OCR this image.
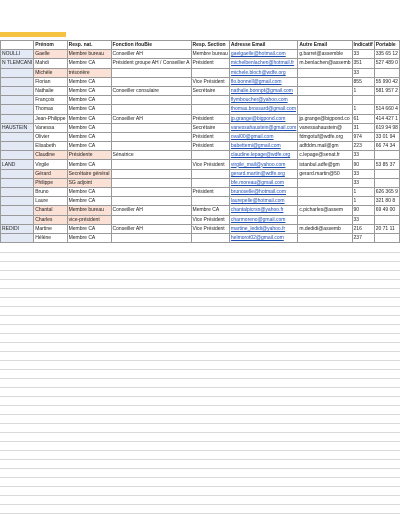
	Prénom	Resp. nat.	Fonction ifouBie	Resp. Section	Adresse Email	Autre Email	Indicatif	Portable
NOULLI	Gaelle	Membre bureau	Conseiller AH	Membre bureau	gaelgaelle@hotmail.com	g.barret@assemble	33	335 65 12
N TLEMCANI	Mahdi	Membre CA	Président groupe AH / Conseiller A	Président	michelbenlachen@hotmail.fr	m.benlachen@assemb	351	527 489 0
	Michèle	trésorière			michele.bloch@wdfe.org		33	
	Florian	Membre CA		Vice Président	flo.bonnell@gmail.com		855	55 990 42
	Nathalie	Membre CA	Conseiller consulaire	Secrétaire	nathalie.bonnpt@gmail.com		1	581 957 2
	François	Membre CA			flymboucher@yahoo.com			
	Thomas	Membre CA			thomas.brossard@gmail.com		1	514 660 4
	Jean-Philippe	Membre CA	Conseiller AH	Président	jp.grange@bigpond.com	jp.grange@bigpond.co	61	414 427 1
HAUSTEIN	Vanessa	Membre CA		Secrétaire	vanessahaustein@gmail.com	vanessahaustein@	31	619 94 98
	Olivier	Membre CA		Président	oval00@gmail.com	fdmgotuf@wdfe.org	974	33 01 94
	Elisabeth	Membre CA		Président	babettemi@gmail.com	adfddm.mail@gm	223	66 74 34
	Claudine	Présidente	Sénatrice		claudine.lepage@wdfe.org	c.lepage@senat.fr	33	
LAND	Virgile	Membre CA		Vice Président	virgile_mail@yahoo.com	istanbul.adfe@gm	90	53 85 37
	Gérard	Secrétaire général			gerard.martin@wdfe.org	gerard.martin@50	33	
	Philippe	SG adjoint			bfe.moreau@gmail.com		33	
	Bruno	Membre CA		Président	brunoselle@hotmail.com		1	626 365 9
	Laure	Membre CA			laurepelle@hotmail.com		1	321 80 8
	Chantal	Membre bureau	Conseiller AH	Membre CA	chantalpicrsn@yahoo.fr	c.picharles@assem	90	69 49 00
	Charles	vice-président		Vice Président	charmoreno@gmail.com		33	
REDIDI	Martine	Membre CA	Conseiller AH	Vice Président	martine_ledidi@yahoo.fr	m.dedidi@assemb	216	20 71 11
	Hélène	Membre CA			helmorot02@gmail.com		237	
